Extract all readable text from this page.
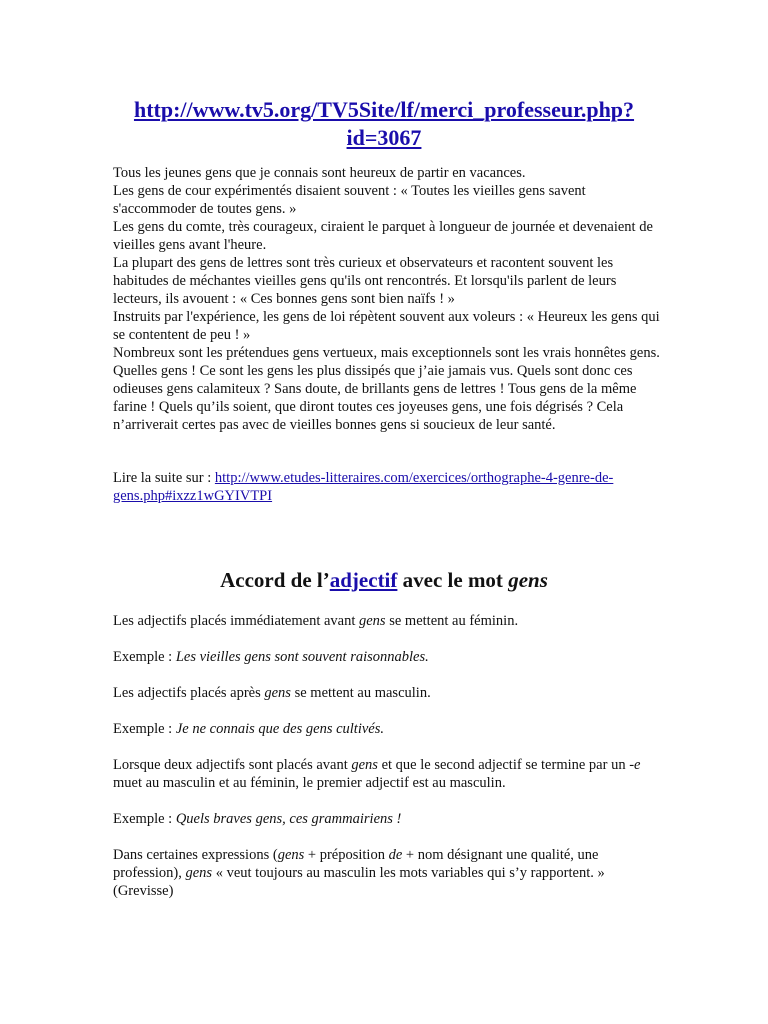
http://www.tv5.org/TV5Site/lf/merci_professeur.php?
id=3067

Tous les jeunes gens que je connais sont heureux de partir en vacances.

Les gens de cour expérimentés disaient souvent : « Toutes les vieilles gens savent s'accommoder de toutes gens. »

Les gens du comte, très courageux, ciraient le parquet à longueur de journée et devenaient de vieilles gens avant l'heure.

La plupart des gens de lettres sont très curieux et observateurs et racontent souvent les habitudes de méchantes vieilles gens qu'ils ont rencontrés. Et lorsqu'ils parlent de leurs lecteurs, ils avouent : « Ces bonnes gens sont bien naïfs ! »

Instruits par l'expérience, les gens de loi répètent souvent aux voleurs : « Heureux les gens qui se contentent de peu ! »

Nombreux sont les prétendues gens vertueux, mais exceptionnels sont les vrais honnêtes gens.

Quelles gens ! Ce sont les gens les plus dissipés que j’aie jamais vus. Quels sont donc ces odieuses gens calamiteux ? Sans doute, de brillants gens de lettres ! Tous gens de la même farine ! Quels qu’ils soient, que diront toutes ces joyeuses gens, une fois dégrisés ? Cela n’arriverait certes pas avec de vieilles bonnes gens si soucieux de leur santé.

Lire la suite sur : http://www.etudes-litteraires.com/exercices/orthographe-4-genre-de-gens.php#ixzz1wGYIVTPI
Accord de l’adjectif avec le mot gens

Les adjectifs placés immédiatement avant gens se mettent au féminin.

Exemple : Les vieilles gens sont souvent raisonnables.

Les adjectifs placés après gens se mettent au masculin.

Exemple : Je ne connais que des gens cultivés.

Lorsque deux adjectifs sont placés avant gens et que le second adjectif se termine par un -e muet au masculin et au féminin, le premier adjectif est au masculin.

Exemple : Quels braves gens, ces grammairiens !

Dans certaines expressions (gens + préposition de + nom désignant une qualité, une profession), gens « veut toujours au masculin les mots variables qui s’y rapportent. » (Grevisse)
